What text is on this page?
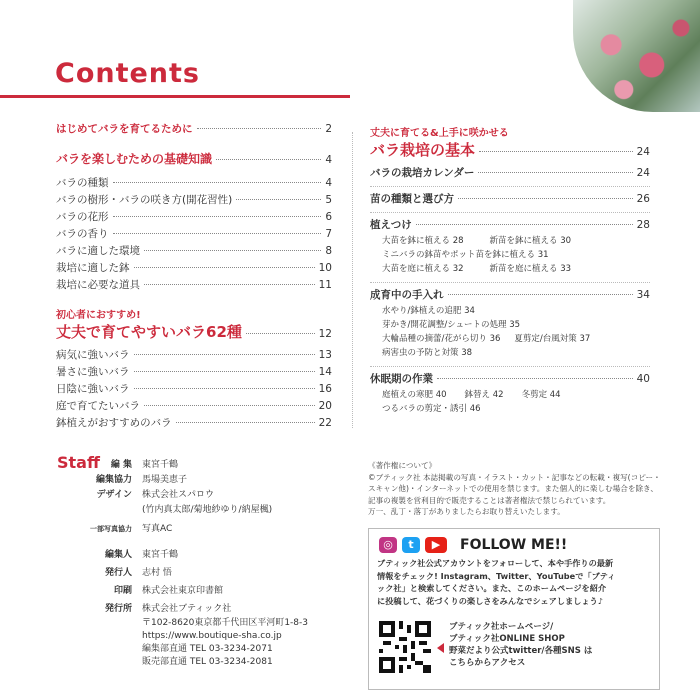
Contents
はじめてバラを育てるために	2
バラを楽しむための基礎知識	4
バラの種類	4
バラの樹形・バラの咲き方(開花習性)	5
バラの花形	6
バラの香り	7
バラに適した環境	8
栽培に適した鉢	10
栽培に必要な道具	11
初心者におすすめ!
丈夫で育てやすいバラ62種	12
病気に強いバラ	13
暑さに強いバラ	14
日陰に強いバラ	16
庭で育てたいバラ	20
鉢植えがおすすめのバラ	22
丈夫に育てる&上手に咲かせる
バラ栽培の基本	24
バラの栽培カレンダー	24
苗の種類と選び方	26
植えつけ	28
大苗を鉢に植える 28	新苗を鉢に植える 30
ミニバラの鉢苗やポット苗を鉢に植える 31
大苗を庭に植える 32	新苗を庭に植える 33
成育中の手入れ	34
水やり/鉢植えの追肥 34
芽かき/開花調整/シュートの処理 35
大輪品種の摘蕾/花がら切り 36 夏剪定/台風対策 37
病害虫の予防と対策 38
休眠期の作業	40
庭植えの寒肥 40 鉢替え 42 冬剪定 44
つるバラの剪定・誘引 46
Staff	編 集	東宮千鶴
編集協力	馬場美恵子
デザイン	株式会社スパロウ
(竹内真太郎/菊地紗ゆり/納屋楓)
一部写真協力	写真AC
編集人	東宮千鶴
発行人	志村 悟
印刷	株式会社東京印書館
発行所	株式会社ブティック社
〒102-8620東京都千代田区平河町1-8-3
https://www.boutique-sha.co.jp
編集部直通 TEL 03-3234-2071
販売部直通 TEL 03-3234-2081
《著作権について》
©ブティック社 本誌掲載の写真・イラスト・カット・記事などの転載・複写(コピー・
スキャン他)・インターネットでの使用を禁じます。また個人的に楽しむ場合を除き、
記事の複製を営利目的で販売することは著者権法で禁じられています。
万一、乱丁・落丁がありましたらお取り替えいたします。
◎	t	▶	FOLLOW ME!!
ブティック社公式アカウントをフォローして、本や手作りの最新
情報をチェック! Instagram、Twitter、YouTubeで「ブティ
ック社」と検索してください。また、このホームページを紹介
に投稿して、花づくりの楽しさをみんなでシェアしましょう♪
ブティック社ホームページ/
ブティック社ONLINE SHOP
野菜だより公式twitter/各種SNS は
こちらからアクセス
